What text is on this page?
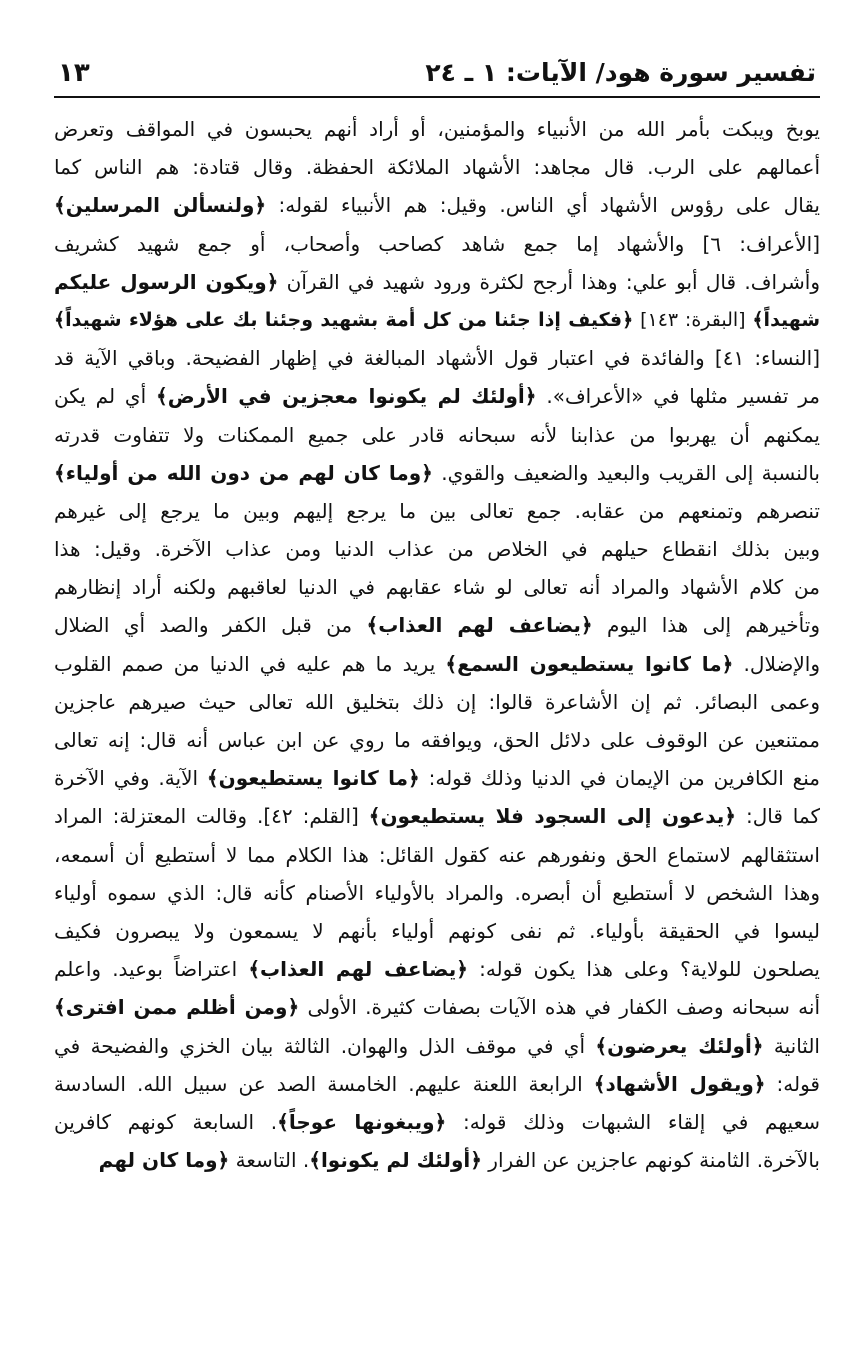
تفسير سورة هود/ الآيات: ١ ـ ٢٤
١٣
يوبخ ويبكت بأمر الله من الأنبياء والمؤمنين، أو أراد أنهم يحبسون في المواقف وتعرض
أعمالهم على الرب. قال مجاهد: الأشهاد الملائكة الحفظة. وقال قتادة: هم الناس كما
يقال على رؤوس الأشهاد أي الناس. وقيل: هم الأنبياء لقوله: ﴿ولنسألن المرسلين﴾
[الأعراف: ٦] والأشهاد إما جمع شاهد كصاحب وأصحاب، أو جمع شهيد كشريف
وأشراف. قال أبو علي: وهذا أرجح لكثرة ورود شهيد في القرآن ﴿ويكون الرسول عليكم
شهيداً﴾ [البقرة: ١٤٣] ﴿فكيف إذا جئنا من كل أمة بشهيد وجئنا بك على هؤلاء شهيداً﴾
[النساء: ٤١] والفائدة في اعتبار قول الأشهاد المبالغة في إظهار الفضيحة. وباقي الآية قد
مر تفسير مثلها في «الأعراف». ﴿أولئك لم يكونوا معجزين في الأرض﴾ أي لم يكن
يمكنهم أن يهربوا من عذابنا لأنه سبحانه قادر على جميع الممكنات ولا تتفاوت قدرته
بالنسبة إلى القريب والبعيد والضعيف والقوي. ﴿وما كان لهم من دون الله من أولياء﴾
تنصرهم وتمنعهم من عقابه. جمع تعالى بين ما يرجع إليهم وبين ما يرجع إلى غيرهم
وبين بذلك انقطاع حيلهم في الخلاص من عذاب الدنيا ومن عذاب الآخرة. وقيل: هذا
من كلام الأشهاد والمراد أنه تعالى لو شاء عقابهم في الدنيا لعاقبهم ولكنه أراد إنظارهم
وتأخيرهم إلى هذا اليوم ﴿يضاعف لهم العذاب﴾ من قبل الكفر والصد أي الضلال
والإضلال. ﴿ما كانوا يستطيعون السمع﴾ يريد ما هم عليه في الدنيا من صمم القلوب
وعمى البصائر. ثم إن الأشاعرة قالوا: إن ذلك بتخليق الله تعالى حيث صيرهم عاجزين
ممتنعين عن الوقوف على دلائل الحق، ويوافقه ما روي عن ابن عباس أنه قال: إنه تعالى
منع الكافرين من الإيمان في الدنيا وذلك قوله: ﴿ما كانوا يستطيعون﴾ الآية. وفي الآخرة
كما قال: ﴿يدعون إلى السجود فلا يستطيعون﴾ [القلم: ٤٢]. وقالت المعتزلة: المراد
استثقالهم لاستماع الحق ونفورهم عنه كقول القائل: هذا الكلام مما لا أستطيع أن أسمعه،
وهذا الشخص لا أستطيع أن أبصره. والمراد بالأولياء الأصنام كأنه قال: الذي سموه أولياء
ليسوا في الحقيقة بأولياء. ثم نفى كونهم أولياء بأنهم لا يسمعون ولا يبصرون فكيف
يصلحون للولاية؟ وعلى هذا يكون قوله: ﴿يضاعف لهم العذاب﴾ اعتراضاً بوعيد. واعلم
أنه سبحانه وصف الكفار في هذه الآيات بصفات كثيرة. الأولى ﴿ومن أظلم ممن افترى﴾
الثانية ﴿أولئك يعرضون﴾ أي في موقف الذل والهوان. الثالثة بيان الخزي والفضيحة في
قوله: ﴿ويقول الأشهاد﴾ الرابعة اللعنة عليهم. الخامسة الصد عن سبيل الله. السادسة
سعيهم في إلقاء الشبهات وذلك قوله: ﴿ويبغونها عوجاً﴾. السابعة كونهم كافرين
بالآخرة. الثامنة كونهم عاجزين عن الفرار ﴿أولئك لم يكونوا﴾. التاسعة ﴿وما كان لهم
